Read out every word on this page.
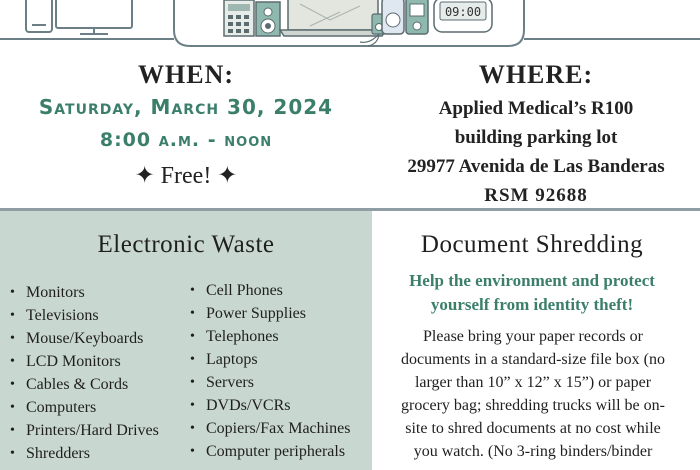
09:00
WHEN:
Saturday, March 30, 2024
8:00 a.m. - noon
✦ Free! ✦
WHERE:
Applied Medical’s R100
building parking lot
29977 Avenida de Las Banderas
RSM 92688
Electronic Waste
• Monitors
• Televisions
• Mouse/Keyboards
• LCD Monitors
• Cables & Cords
• Computers
• Printers/Hard Drives
• Shredders
• Cell Phones
• Power Supplies
• Telephones
• Laptops
• Servers
• DVDs/VCRs
• Copiers/Fax Machines
• Computer peripherals
Document Shredding
Help the environment and protect
yourself from identity theft!
Please bring your paper records or
documents in a standard-size file box (no
larger than 10” x 12” x 15”) or paper
grocery bag; shredding trucks will be on-
site to shred documents at no cost while
you watch. (No 3-ring binders/binder
